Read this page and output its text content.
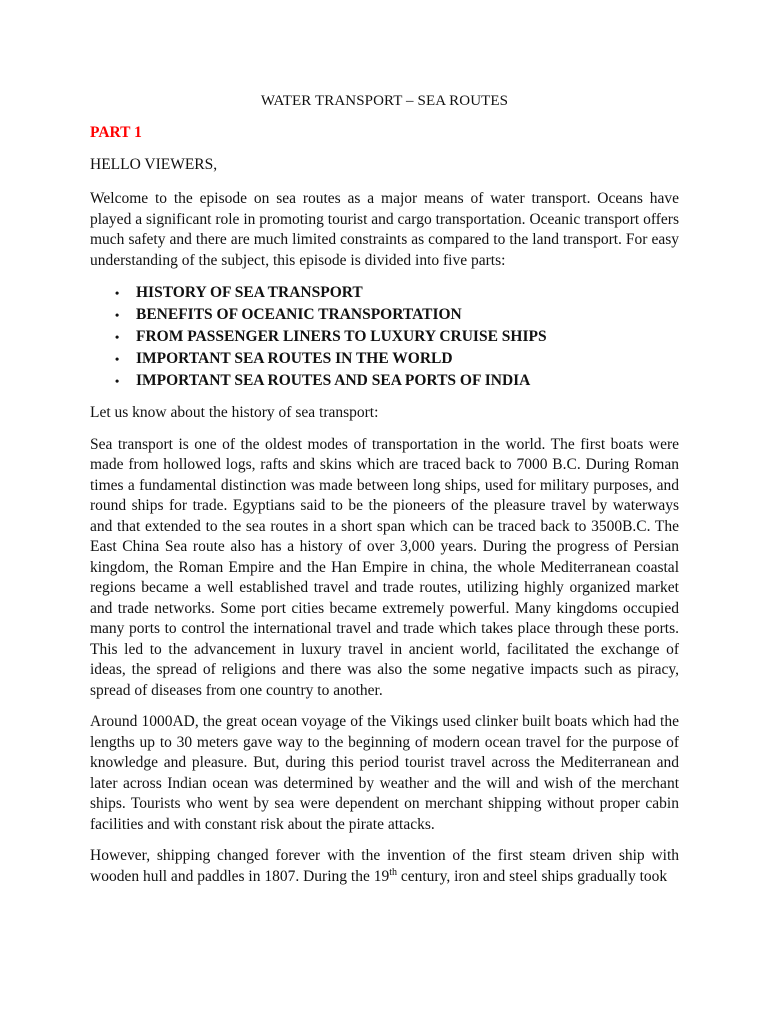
WATER TRANSPORT – SEA ROUTES
PART 1
HELLO VIEWERS,

Welcome to the episode on sea routes as a major means of water transport. Oceans have played a significant role in promoting tourist and cargo transportation. Oceanic transport offers much safety and there are much limited constraints as compared to the land transport. For easy understanding of the subject, this episode is divided into five parts:

• HISTORY OF SEA TRANSPORT
• BENEFITS OF OCEANIC TRANSPORTATION
• FROM PASSENGER LINERS TO LUXURY CRUISE SHIPS
• IMPORTANT SEA ROUTES IN THE WORLD
• IMPORTANT SEA ROUTES AND SEA PORTS OF INDIA

Let us know about the history of sea transport:

Sea transport is one of the oldest modes of transportation in the world. The first boats were made from hollowed logs, rafts and skins which are traced back to 7000 B.C. During Roman times a fundamental distinction was made between long ships, used for military purposes, and round ships for trade. Egyptians said to be the pioneers of the pleasure travel by waterways and that extended to the sea routes in a short span which can be traced back to 3500B.C. The East China Sea route also has a history of over 3,000 years. During the progress of Persian kingdom, the Roman Empire and the Han Empire in china, the whole Mediterranean coastal regions became a well established travel and trade routes, utilizing highly organized market and trade networks. Some port cities became extremely powerful. Many kingdoms occupied many ports to control the international travel and trade which takes place through these ports. This led to the advancement in luxury travel in ancient world, facilitated the exchange of ideas, the spread of religions and there was also the some negative impacts such as piracy, spread of diseases from one country to another.

Around 1000AD, the great ocean voyage of the Vikings used clinker built boats which had the lengths up to 30 meters gave way to the beginning of modern ocean travel for the purpose of knowledge and pleasure. But, during this period tourist travel across the Mediterranean and later across Indian ocean was determined by weather and the will and wish of the merchant ships. Tourists who went by sea were dependent on merchant shipping without proper cabin facilities and with constant risk about the pirate attacks.

However, shipping changed forever with the invention of the first steam driven ship with wooden hull and paddles in 1807. During the 19th century, iron and steel ships gradually took
